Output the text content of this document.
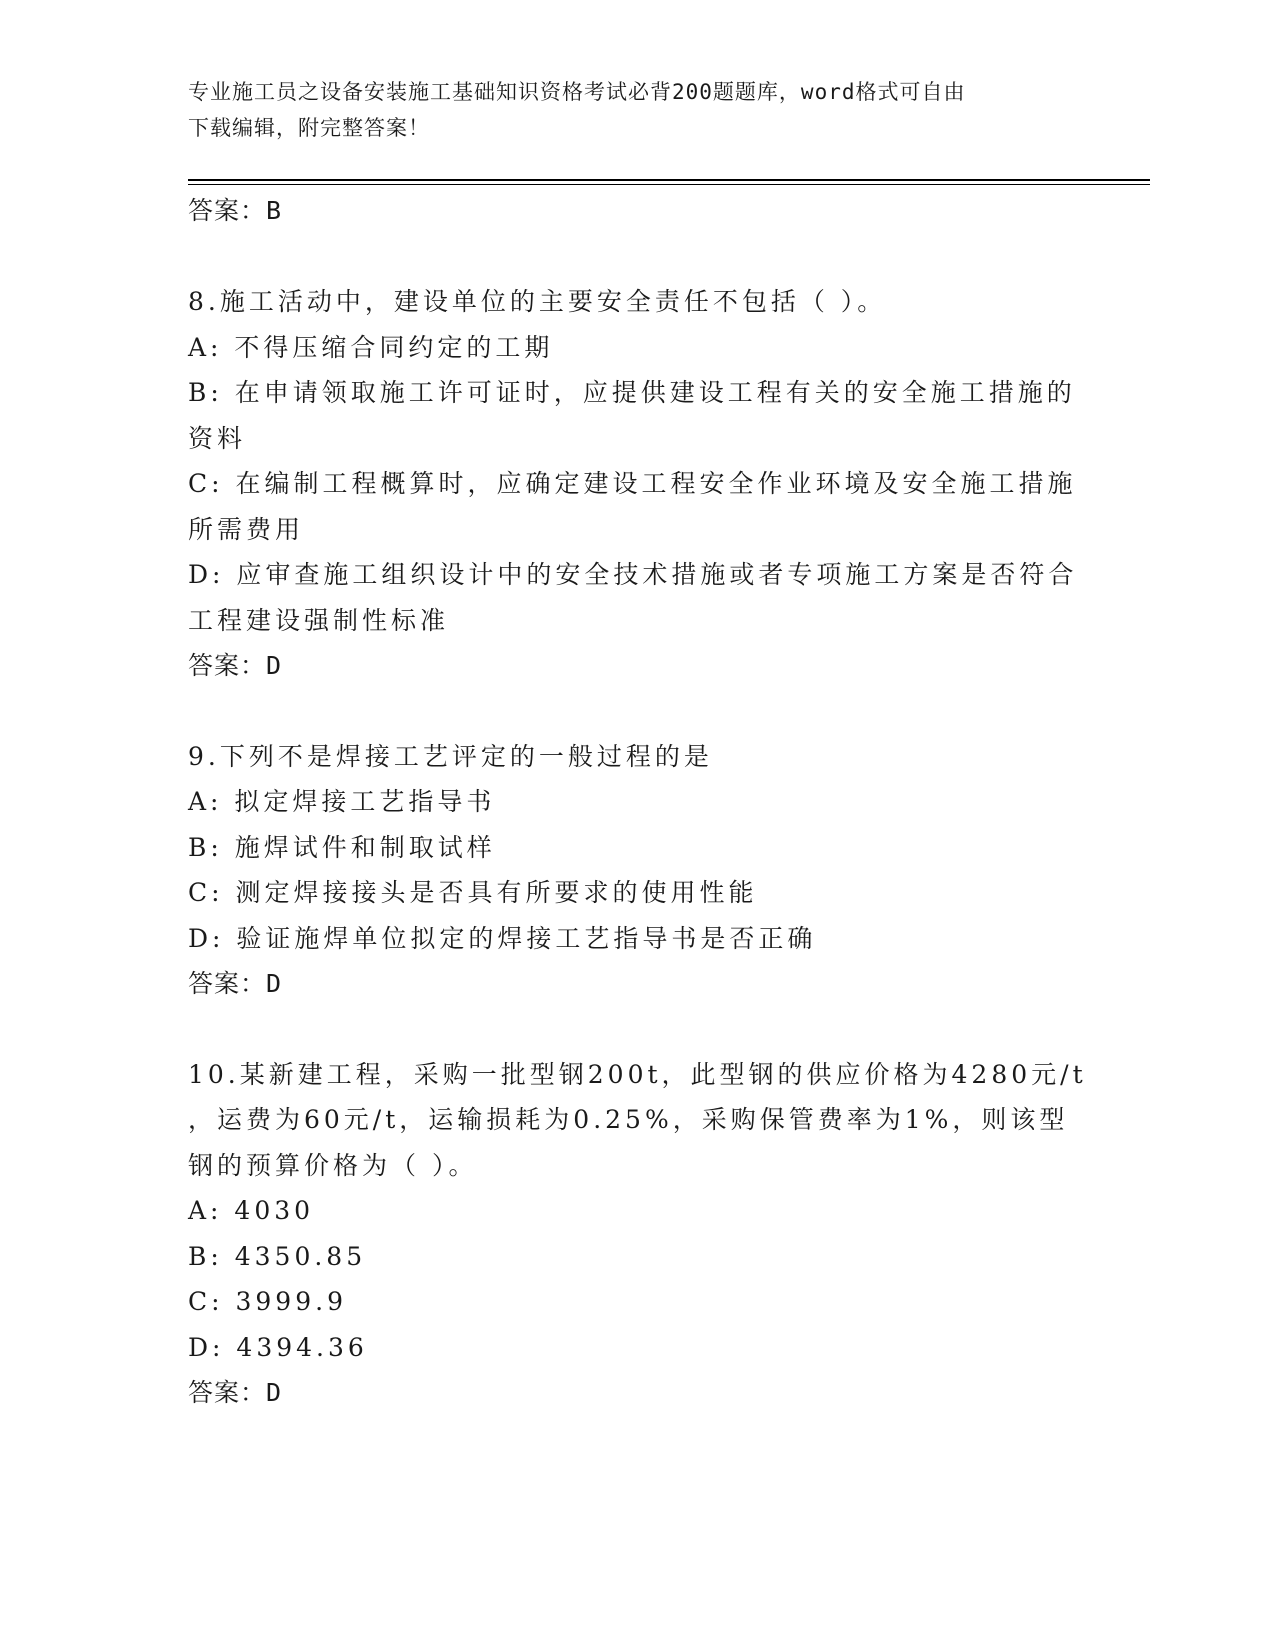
专业施工员之设备安装施工基础知识资格考试必背200题题库，word格式可自由
下载编辑，附完整答案！
答案：B
8.施工活动中，建设单位的主要安全责任不包括（ ）。
A: 不得压缩合同约定的工期
B: 在申请领取施工许可证时，应提供建设工程有关的安全施工措施的
资料
C: 在编制工程概算时，应确定建设工程安全作业环境及安全施工措施
所需费用
D: 应审查施工组织设计中的安全技术措施或者专项施工方案是否符合
工程建设强制性标准
答案：D
9.下列不是焊接工艺评定的一般过程的是
A: 拟定焊接工艺指导书
B: 施焊试件和制取试样
C: 测定焊接接头是否具有所要求的使用性能
D: 验证施焊单位拟定的焊接工艺指导书是否正确
答案：D
10.某新建工程，采购一批型钢200t，此型钢的供应价格为4280元/t
，运费为60元/t，运输损耗为0.25%，采购保管费率为1%，则该型
钢的预算价格为（ ）。
A: 4030
B: 4350.85
C: 3999.9
D: 4394.36
答案：D
